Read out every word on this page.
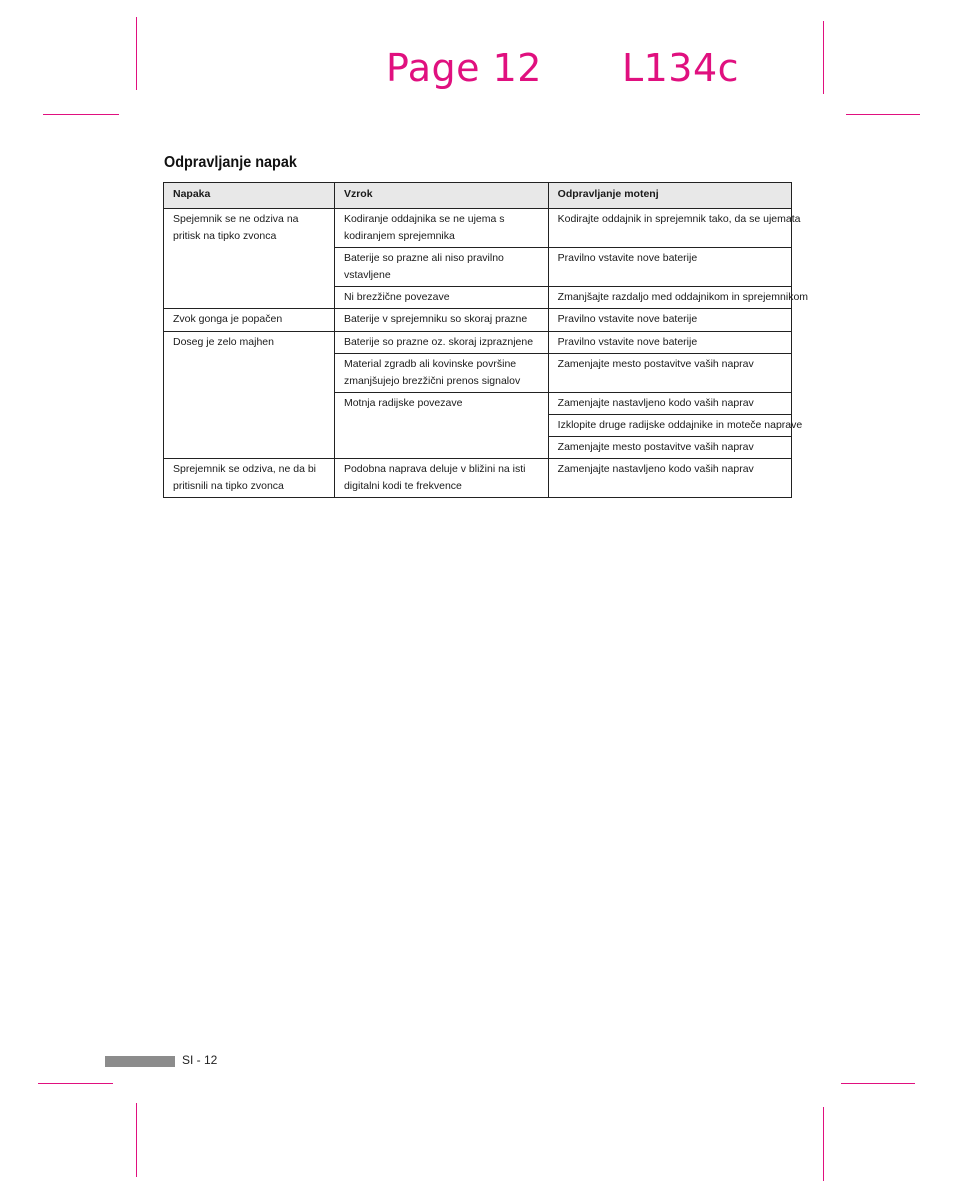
Page 12 L134c
Odpravljanje napak
Napaka	Vzrok	Odpravljanje motenj
Spejemnik se ne odziva na pritisk na tipko zvonca	Kodiranje oddajnika se ne ujema s kodiranjem sprejemnika	Kodirajte oddajnik in sprejemnik tako, da se ujemata
	Baterije so prazne ali niso pravilno vstavljene	Pravilno vstavite nove baterije
	Ni brezžične povezave	Zmanjšajte razdaljo med oddajnikom in sprejemnikom
Zvok gonga je popačen	Baterije v sprejemniku so skoraj prazne	Pravilno vstavite nove baterije
Doseg je zelo majhen	Baterije so prazne oz. skoraj izpraznjene	Pravilno vstavite nove baterije
	Material zgradb ali kovinske površine zmanjšujejo brezžični prenos signalov	Zamenjajte mesto postavitve vaših naprav
	Motnja radijske povezave	Zamenjajte nastavljeno kodo vaših naprav
		Izklopite druge radijske oddajnike in moteče naprave
		Zamenjajte mesto postavitve vaših naprav
Sprejemnik se odziva, ne da bi pritisnili na tipko zvonca	Podobna naprava deluje v bližini na isti digitalni kodi te frekvence	Zamenjajte nastavljeno kodo vaših naprav
SI - 12
